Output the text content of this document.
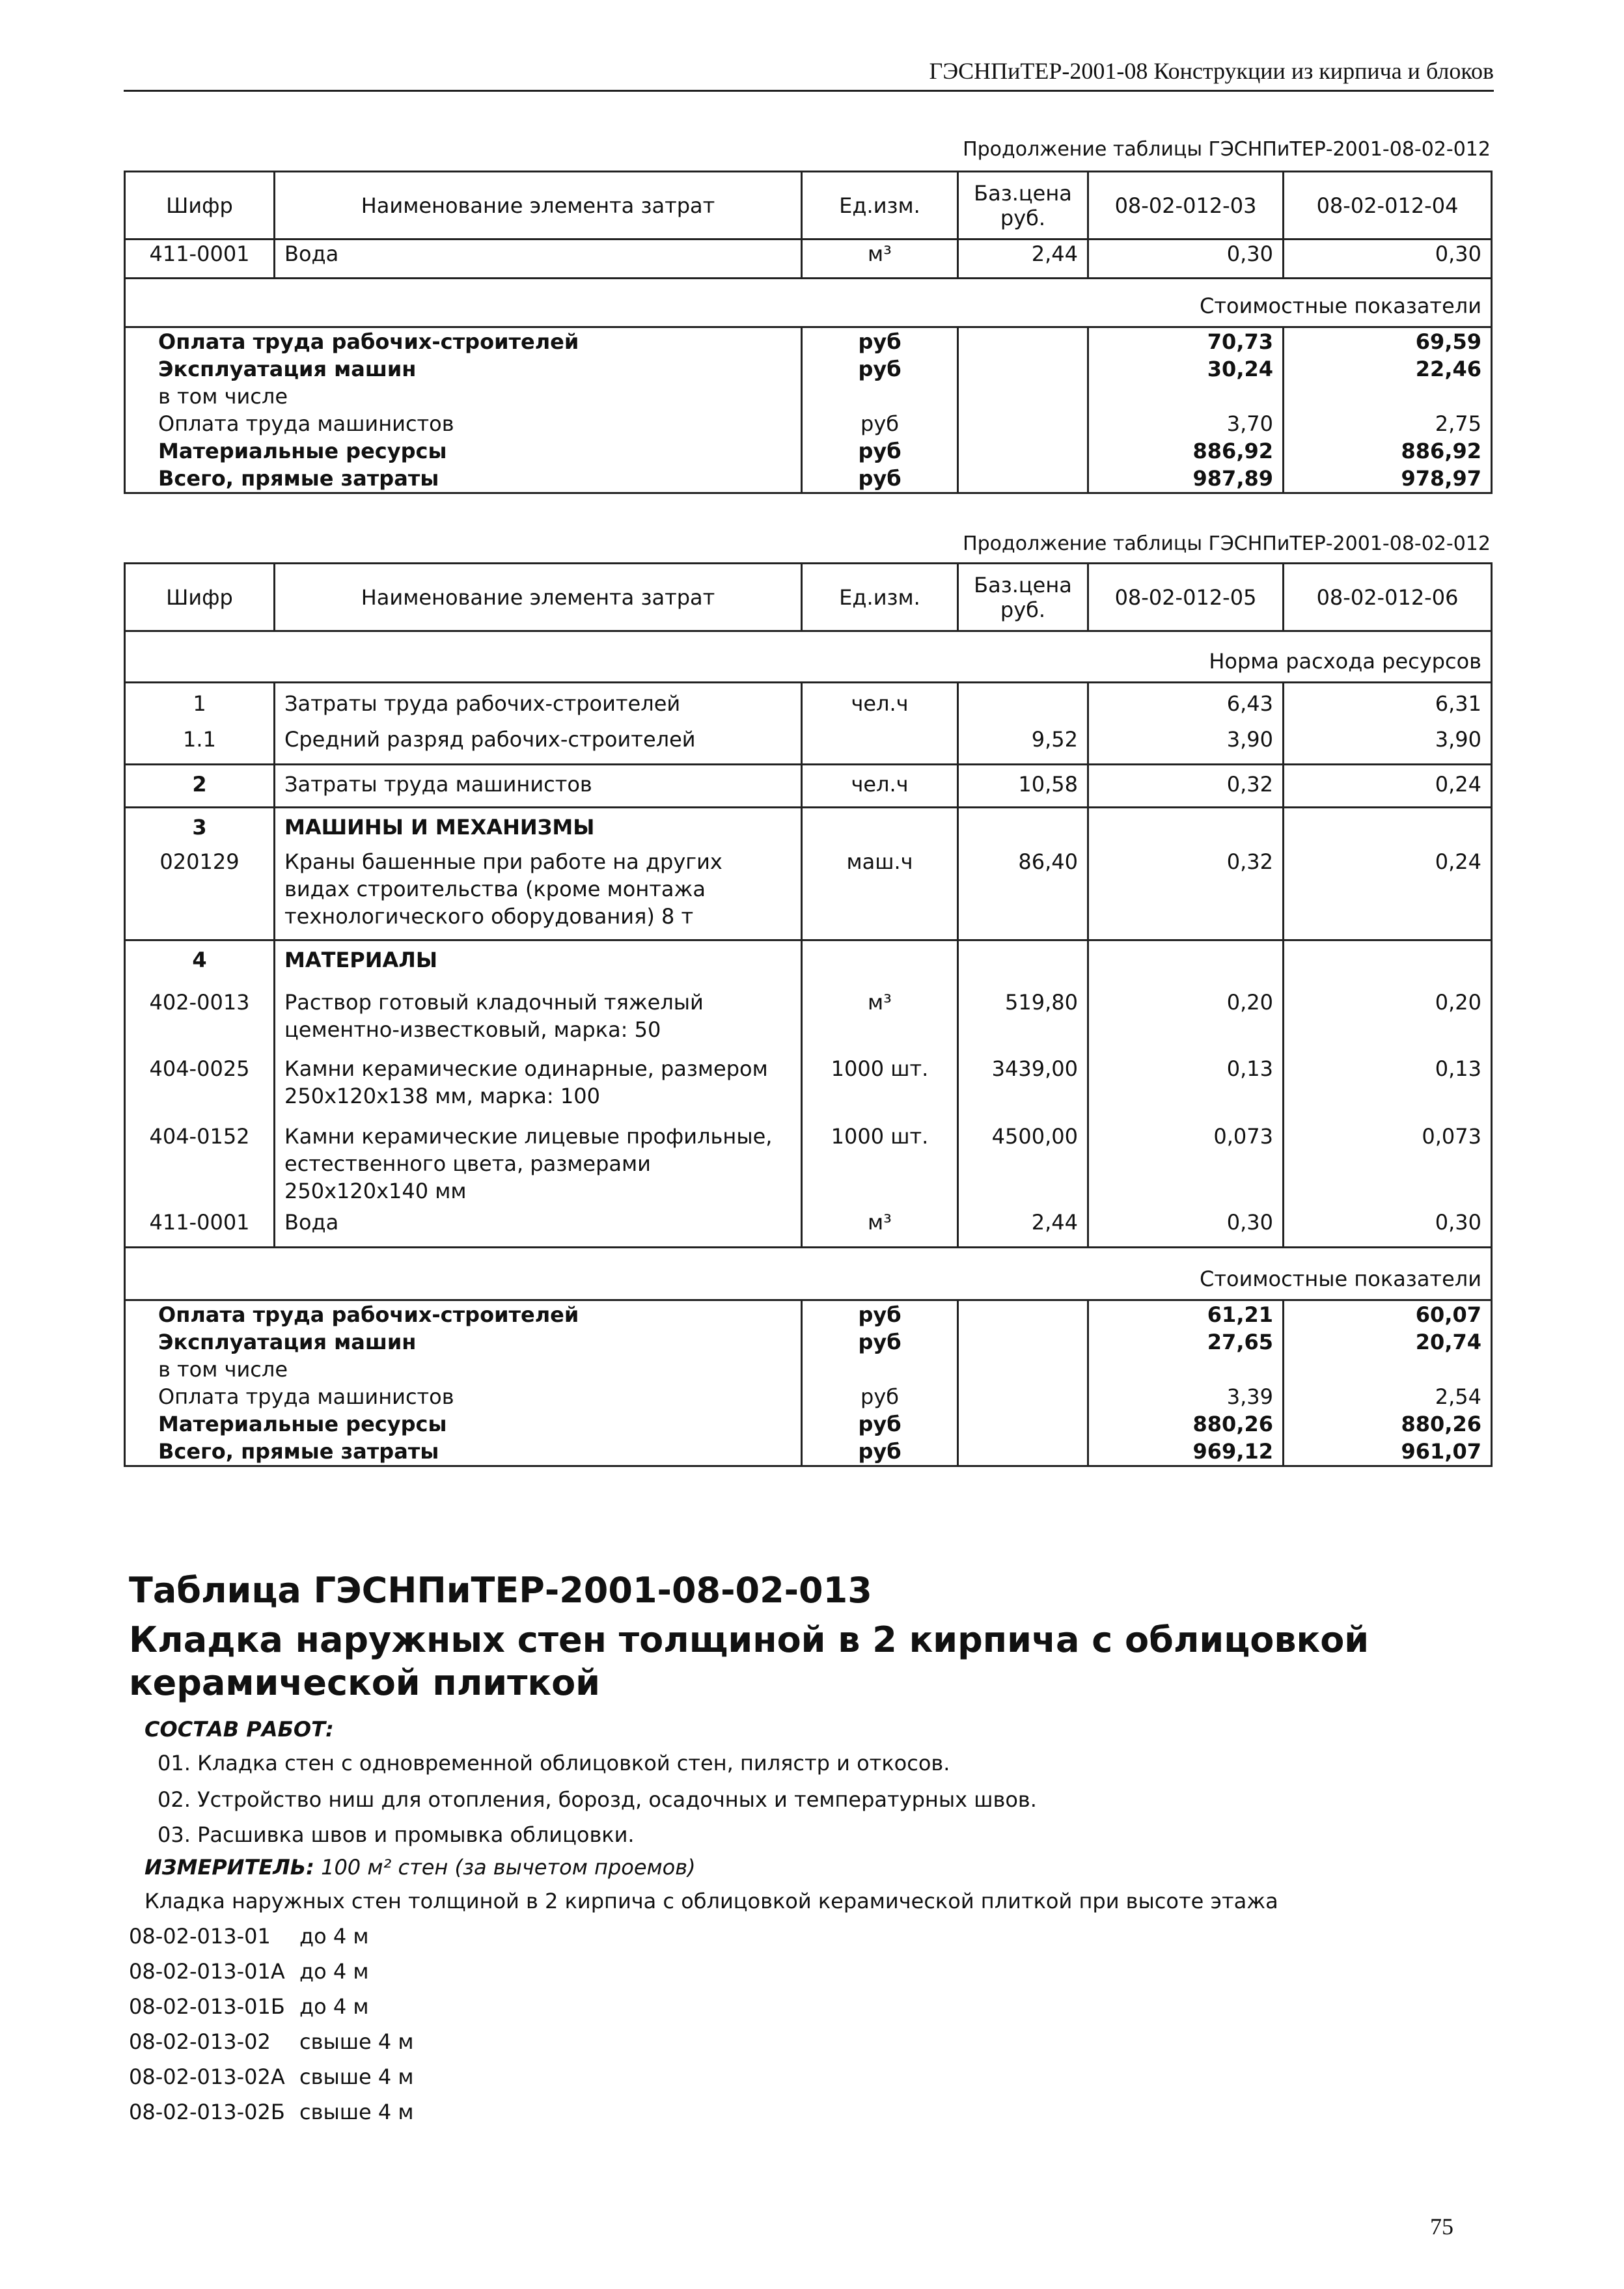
ГЭСНПиТЕР-2001-08 Конструкции из кирпича и блоков
Продолжение таблицы ГЭСНПиТЕР-2001-08-02-012
Шифр	Наименование элемента затрат	Ед.изм.	Баз.цена руб.	08-02-012-03	08-02-012-04
411-0001	Вода	м³	2,44	0,30	0,30
Стоимостные показатели					
Оплата труда рабочих-строителей		руб		70,73	69,59
Эксплуатация машин		руб		30,24	22,46
в том числе					
Оплата труда машинистов		руб		3,70	2,75
Материальные ресурсы		руб		886,92	886,92
Всего, прямые затраты		руб		987,89	978,97
Продолжение таблицы ГЭСНПиТЕР-2001-08-02-012
Шифр	Наименование элемента затрат	Ед.изм.	Баз.цена руб.	08-02-012-05	08-02-012-06
Норма расхода ресурсов					
1	Затраты труда рабочих-строителей	чел.ч		6,43	6,31
1.1	Средний разряд рабочих-строителей		9,52	3,90	3,90
2	Затраты труда машинистов	чел.ч	10,58	0,32	0,24
3	МАШИНЫ И МЕХАНИЗМЫ				
020129	Краны башенные при работе на других видах строительства (кроме монтажа технологического оборудования) 8 т	маш.ч	86,40	0,32	0,24
4	МАТЕРИАЛЫ				
402-0013	Раствор готовый кладочный тяжелый цементно-известковый, марка: 50	м³	519,80	0,20	0,20
404-0025	Камни керамические одинарные, размером 250x120x138 мм, марка: 100	1000 шт.	3439,00	0,13	0,13
404-0152	Камни керамические лицевые профильные, естественного цвета, размерами 250x120x140 мм	1000 шт.	4500,00	0,073	0,073
411-0001	Вода	м³	2,44	0,30	0,30
Стоимостные показатели					
Оплата труда рабочих-строителей		руб		61,21	60,07
Эксплуатация машин		руб		27,65	20,74
в том числе					
Оплата труда машинистов		руб		3,39	2,54
Материальные ресурсы		руб		880,26	880,26
Всего, прямые затраты		руб		969,12	961,07
Таблица ГЭСНПиТЕР-2001-08-02-013
Кладка наружных стен толщиной в 2 кирпича с облицовкой
керамической плиткой
СОСТАВ РАБОТ:
01. Кладка стен с одновременной облицовкой стен, пилястр и откосов.
02. Устройство ниш для отопления, борозд, осадочных и температурных швов.
03. Расшивка швов и промывка облицовки.
ИЗМЕРИТЕЛЬ: 100 м² стен (за вычетом проемов)
Кладка наружных стен толщиной в 2 кирпича с облицовкой керамической плиткой при высоте этажа
08-02-013-01 до 4 м
08-02-013-01А до 4 м
08-02-013-01Б до 4 м
08-02-013-02 свыше 4 м
08-02-013-02А свыше 4 м
08-02-013-02Б свыше 4 м
75
